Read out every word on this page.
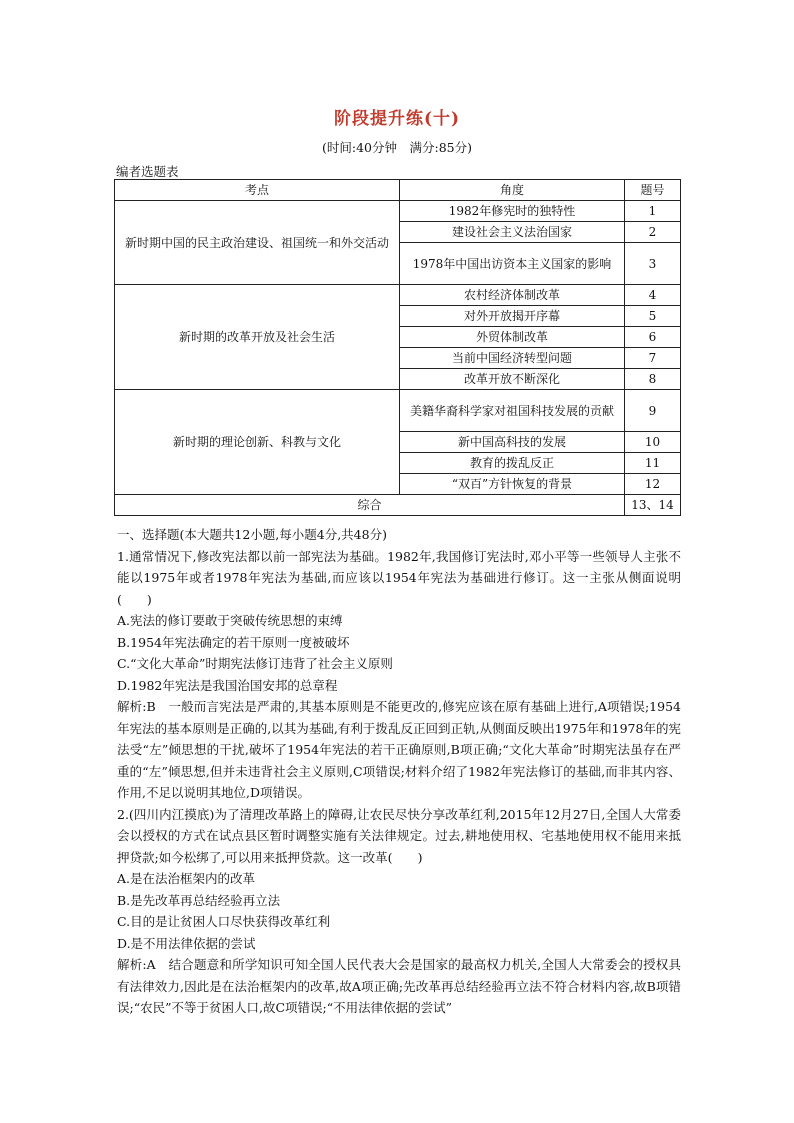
阶段提升练(十)
(时间:40分钟　满分:85分)
编者选题表
考点	角度	题号
新时期中国的民主政治建设、祖国统一和外交活动	1982年修宪时的独特性	1
	建设社会主义法治国家	2
	1978年中国出访资本主义国家的影响	3
新时期的改革开放及社会生活	农村经济体制改革	4
	对外开放揭开序幕	5
	外贸体制改革	6
	当前中国经济转型问题	7
	改革开放不断深化	8
新时期的理论创新、科教与文化	美籍华裔科学家对祖国科技发展的贡献	9
	新中国高科技的发展	10
	教育的拨乱反正	11
	“双百”方针恢复的背景	12
综合		13、14

一、选择题(本大题共12小题,每小题4分,共48分)

1.通常情况下,修改宪法都以前一部宪法为基础。1982年,我国修订宪法时,邓小平等一些领导人主张不能以1975年或者1978年宪法为基础,而应该以1954年宪法为基础进行修订。这一主张从侧面说明(　　)

A.宪法的修订要敢于突破传统思想的束缚

B.1954年宪法确定的若干原则一度被破坏

C.“文化大革命”时期宪法修订违背了社会主义原则

D.1982年宪法是我国治国安邦的总章程

解析:B　一般而言宪法是严肃的,其基本原则是不能更改的,修宪应该在原有基础上进行,A项错误;1954年宪法的基本原则是正确的,以其为基础,有利于拨乱反正回到正轨,从侧面反映出1975年和1978年的宪法受“左”倾思想的干扰,破坏了1954年宪法的若干正确原则,B项正确;“文化大革命”时期宪法虽存在严重的“左”倾思想,但并未违背社会主义原则,C项错误;材料介绍了1982年宪法修订的基础,而非其内容、作用,不足以说明其地位,D项错误。

2.(四川内江摸底)为了清理改革路上的障碍,让农民尽快分享改革红利,2015年12月27日,全国人大常委会以授权的方式在试点县区暂时调整实施有关法律规定。过去,耕地使用权、宅基地使用权不能用来抵押贷款;如今松绑了,可以用来抵押贷款。这一改革(　　)

A.是在法治框架内的改革

B.是先改革再总结经验再立法

C.目的是让贫困人口尽快获得改革红利

D.是不用法律依据的尝试

解析:A　结合题意和所学知识可知全国人民代表大会是国家的最高权力机关,全国人大常委会的授权具有法律效力,因此是在法治框架内的改革,故A项正确;先改革再总结经验再立法不符合材料内容,故B项错误;“农民”不等于贫困人口,故C项错误;“不用法律依据的尝试”
